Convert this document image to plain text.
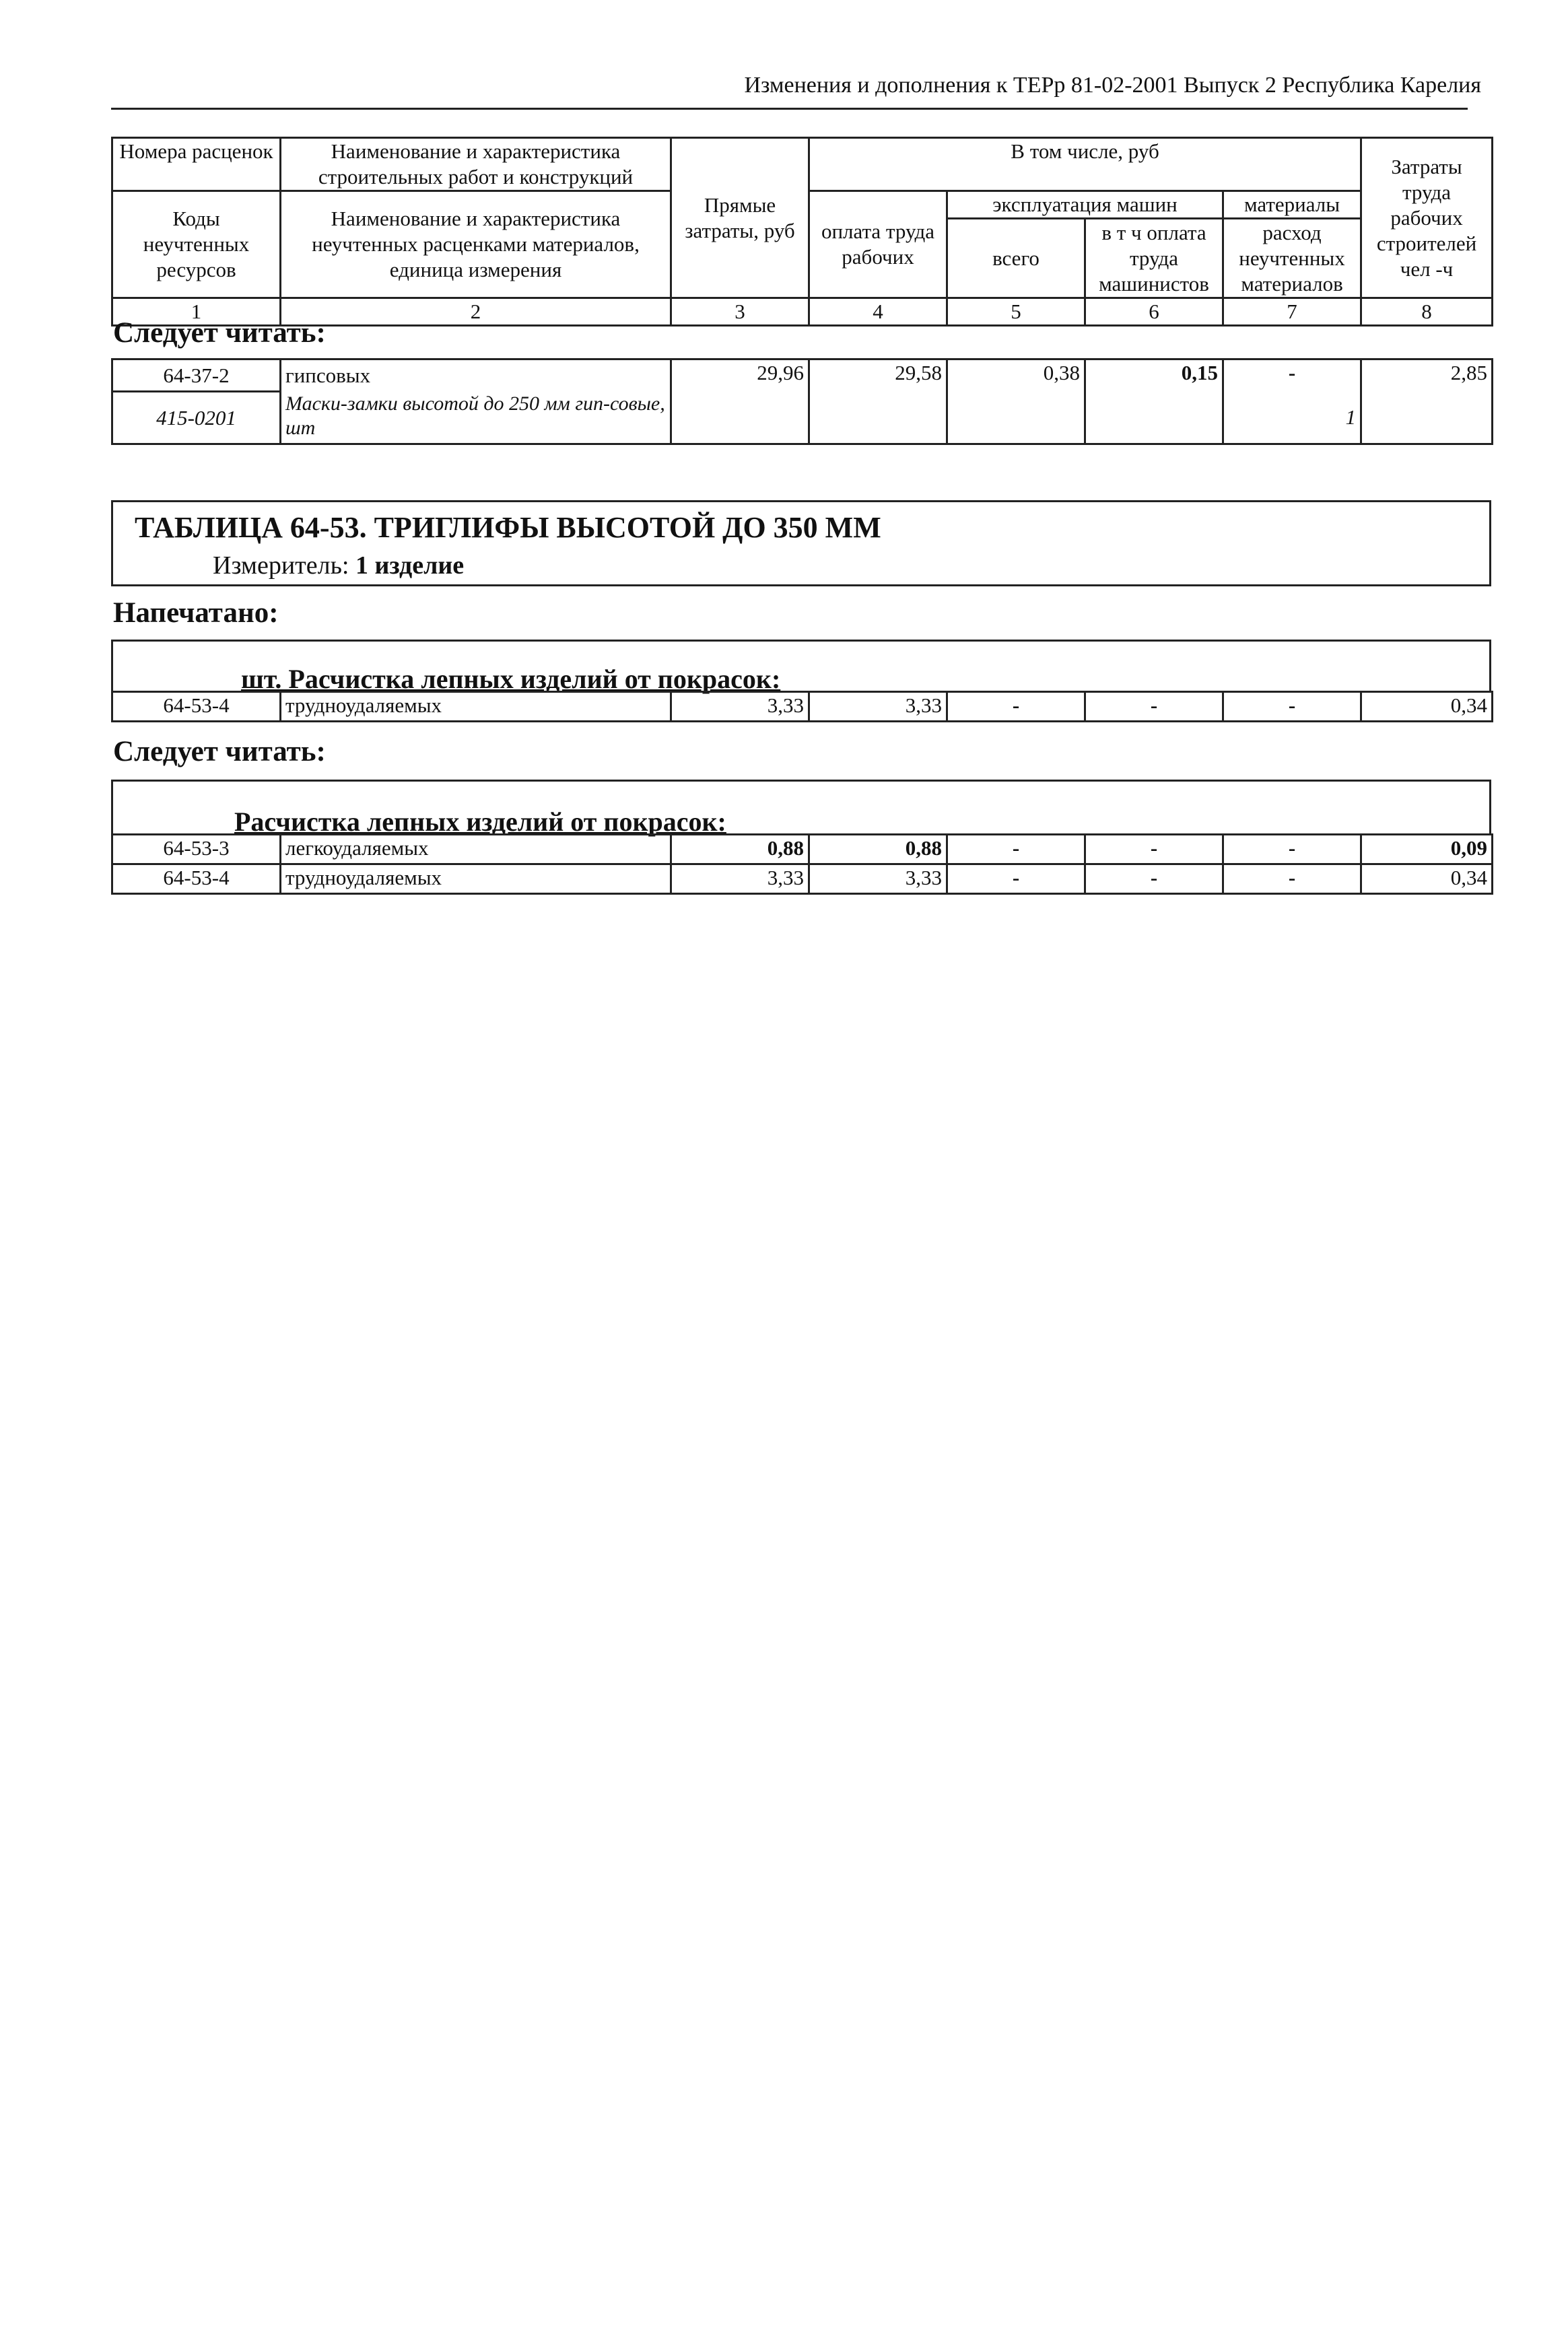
Изменения и дополнения к ТЕРр 81-02-2001 Выпуск 2 Республика Карелия
Номера расценок	Наименование и характеристика строительных работ и конструкций	Прямые затраты, руб	В том числе, руб				Затраты труда рабочих строителей чел -ч
Коды неучтенных ресурсов	Наименование и характеристика неучтенных расценками материалов, единица измерения		оплата труда рабочих	эксплуатация машин		материалы	
				всего	в т ч оплата труда машинистов	расход неучтенных материалов	
1	2	3	4	5	6	7	8
Следует читать:
64-37-2	гипсовых	29,96	29,58	0,38	0,15	-	2,85
415-0201	Маски-замки высотой до 250 мм гип-совые, шт					1	
ТАБЛИЦА 64-53. ТРИГЛИФЫ ВЫСОТОЙ ДО 350 ММ
Измеритель: 1 изделие
Напечатано:
шт. Расчистка лепных изделий от покрасок:
64-53-4	трудноудаляемых	3,33	3,33	-	-	-	0,34
Следует читать:
Расчистка лепных изделий от покрасок:
64-53-3	легкоудаляемых	0,88	0,88	-	-	-	0,09
64-53-4	трудноудаляемых	3,33	3,33	-	-	-	0,34
